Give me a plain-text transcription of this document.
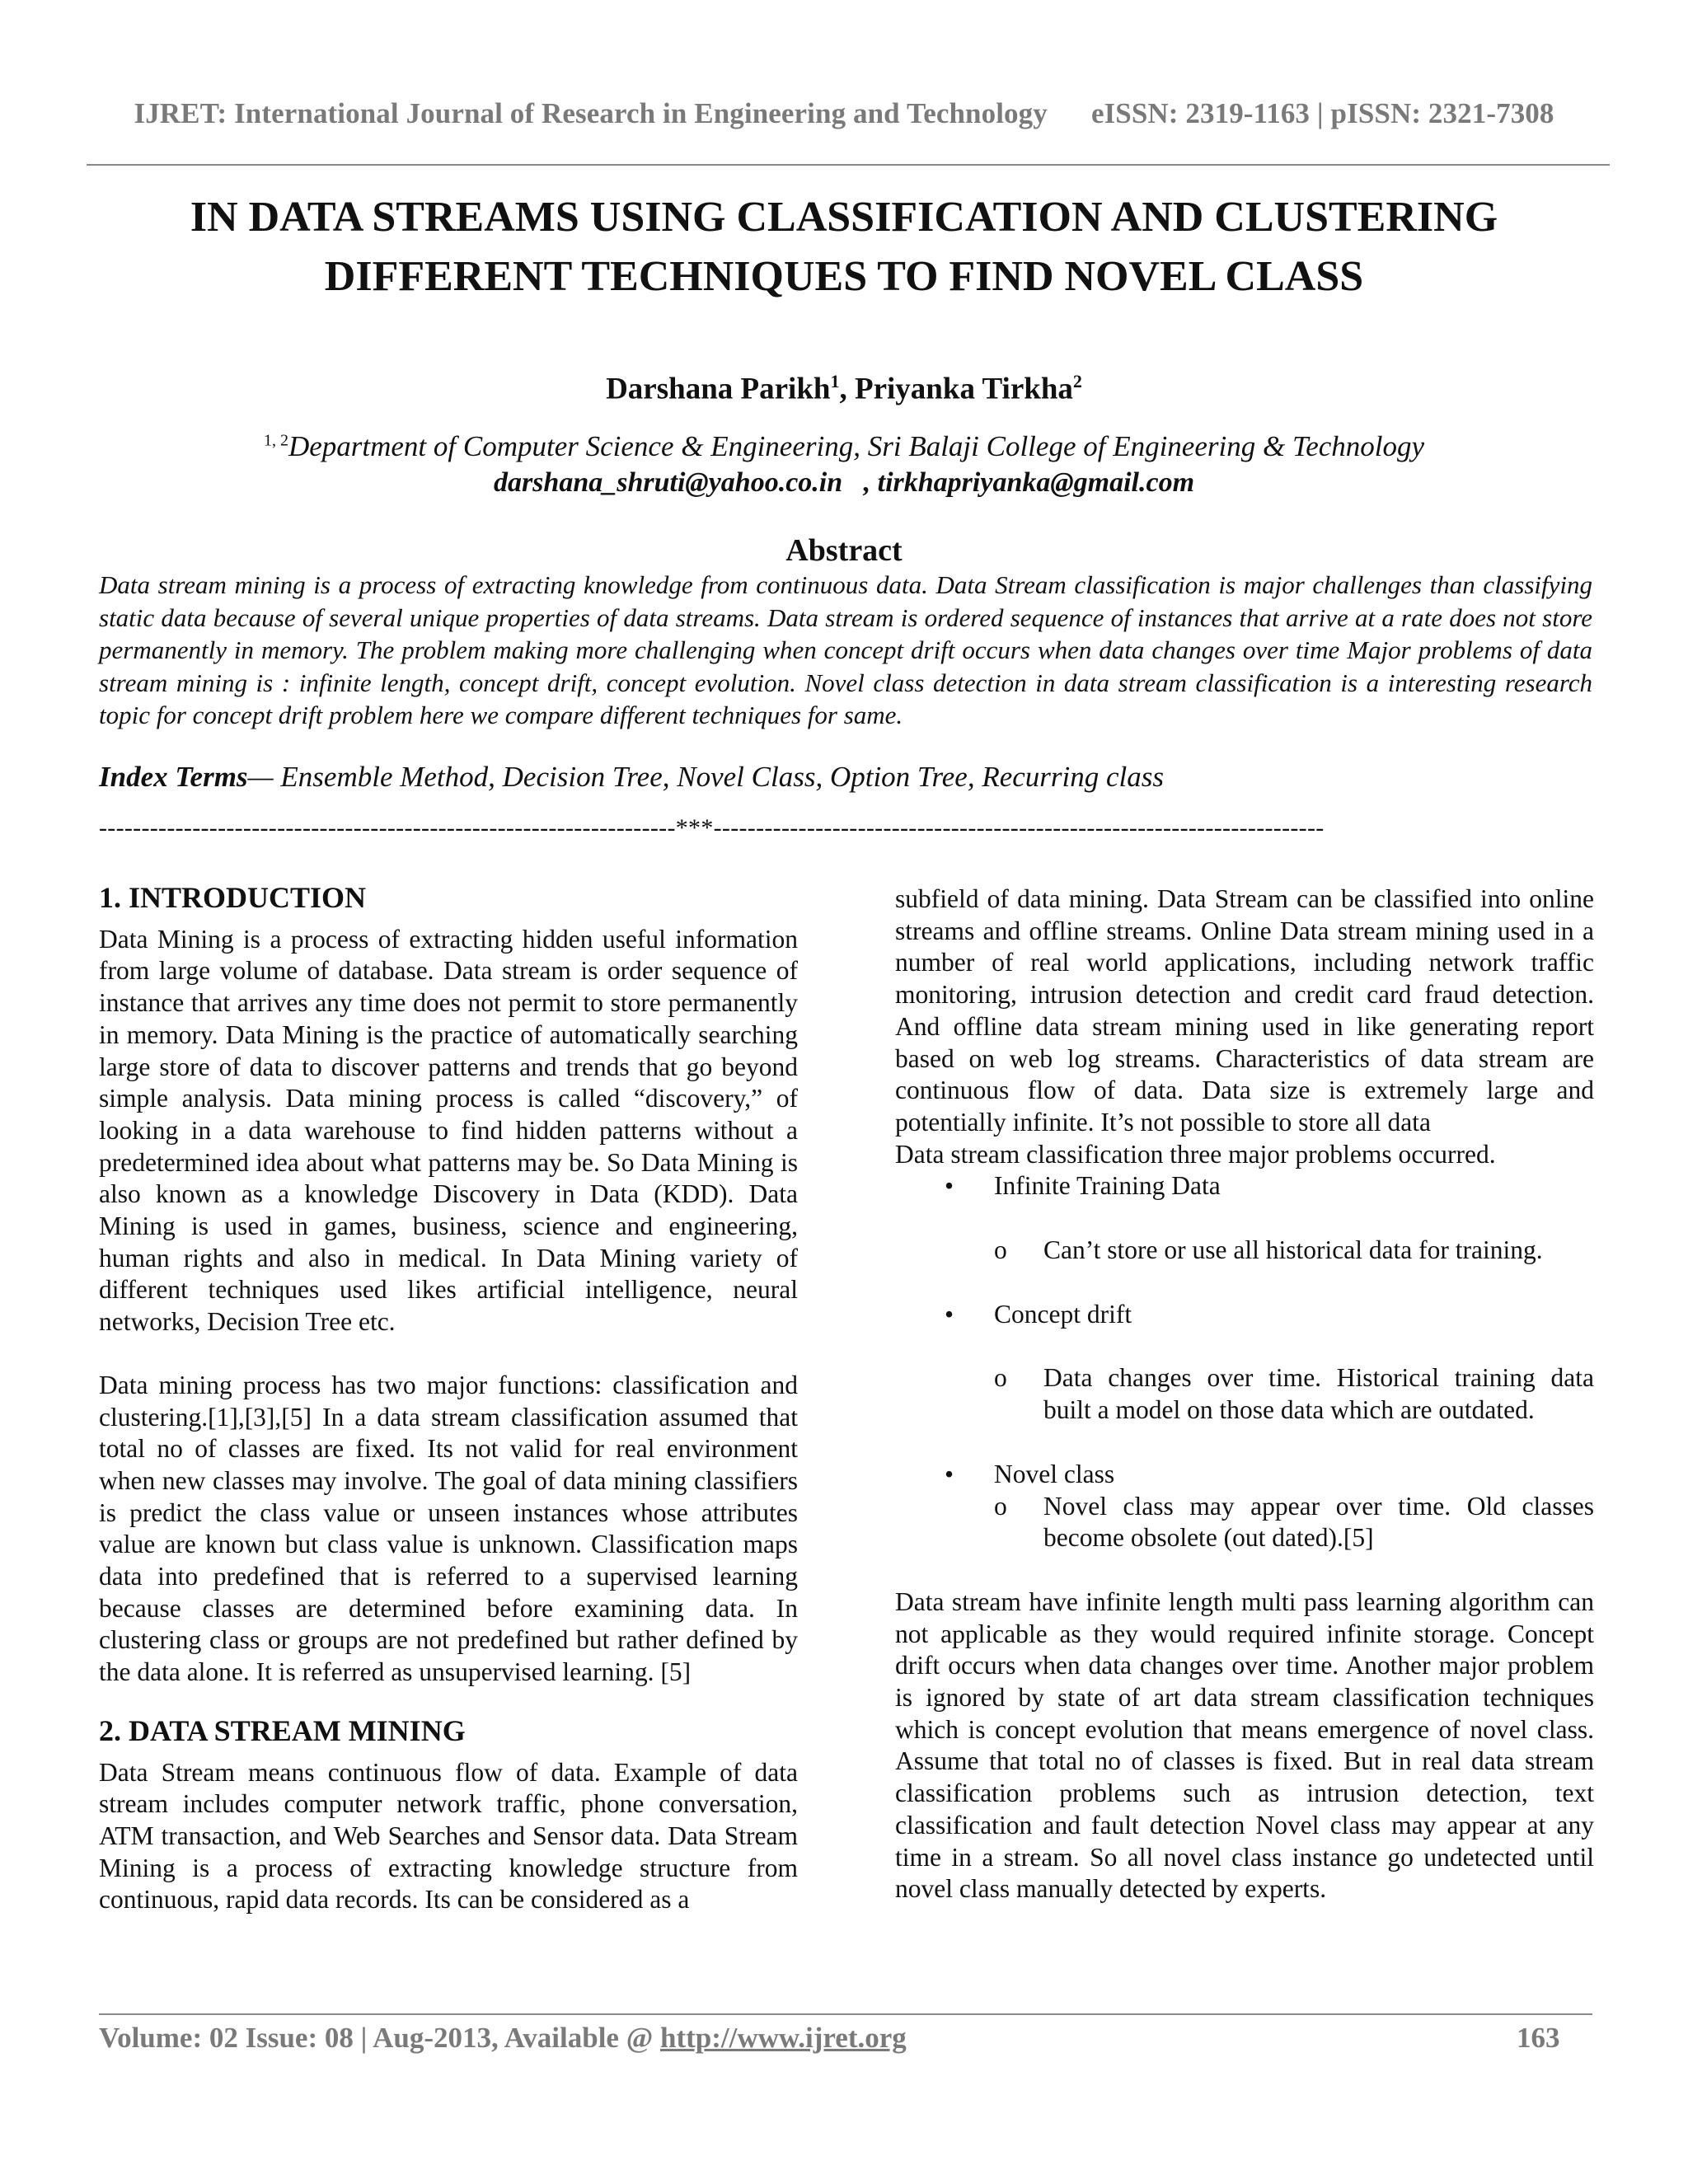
IJRET: International Journal of Research in Engineering and Technology eISSN: 2319-1163 | pISSN: 2321-7308
IN DATA STREAMS USING CLASSIFICATION AND CLUSTERING
DIFFERENT TECHNIQUES TO FIND NOVEL CLASS
Darshana Parikh$^1$, Priyanka Tirkha$^2$
$^{1, 2}$Department of Computer Science & Engineering, Sri Balaji College of Engineering & Technology
darshana_shruti@yahoo.co.in   , tirkhapriyanka@gmail.com
Abstract
Data stream mining is a process of extracting knowledge from continuous data. Data Stream classification is major challenges than classifying static data because of several unique properties of data streams. Data stream is ordered sequence of instances that arrive at a rate does not store permanently in memory. The problem making more challenging when concept drift occurs when data changes over time Major problems of data stream mining is : infinite length, concept drift, concept evolution. Novel class detection in data stream classification is a interesting research topic for concept drift problem here we compare different techniques for same.
Index Terms— Ensemble Method, Decision Tree, Novel Class, Option Tree, Recurring class
--------------------------------------------------------------------***------------------------------------------------------------------------
1. INTRODUCTION

Data Mining is a process of extracting hidden useful information from large volume of database. Data stream is order sequence of instance that arrives any time does not permit to store permanently in memory. Data Mining is the practice of automatically searching large store of data to discover patterns and trends that go beyond simple analysis. Data mining process is called “discovery,” of looking in a data warehouse to find hidden patterns without a predetermined idea about what patterns may be. So Data Mining is also known as a knowledge Discovery in Data (KDD). Data Mining is used in games, business, science and engineering, human rights and also in medical. In Data Mining variety of different techniques used likes artificial intelligence, neural networks, Decision Tree etc.

Data mining process has two major functions: classification and clustering.[1],[3],[5] In a data stream classification assumed that total no of classes are fixed. Its not valid for real environment when new classes may involve. The goal of data mining classifiers is predict the class value or unseen instances whose attributes value are known but class value is unknown. Classification maps data into predefined that is referred to a supervised learning because classes are determined before examining data. In clustering class or groups are not predefined but rather defined by the data alone. It is referred as unsupervised learning. [5]

2. DATA STREAM MINING

Data Stream means continuous flow of data. Example of data stream includes computer network traffic, phone conversation, ATM transaction, and Web Searches and Sensor data. Data Stream Mining is a process of extracting knowledge structure from continuous, rapid data records. Its can be considered as a

subfield of data mining. Data Stream can be classified into online streams and offline streams. Online Data stream mining used in a number of real world applications, including network traffic monitoring, intrusion detection and credit card fraud detection. And offline data stream mining used in like generating report based on web log streams. Characteristics of data stream are continuous flow of data. Data size is extremely large and potentially infinite. It’s not possible to store all data

Data stream classification three major problems occurred.

• Infinite Training Data
o Can’t store or use all historical data for training.
• Concept drift
o Data changes over time. Historical training data built a model on those data which are outdated.
• Novel class
o Novel class may appear over time. Old classes become obsolete (out dated).[5]

Data stream have infinite length multi pass learning algorithm can not applicable as they would required infinite storage. Concept drift occurs when data changes over time. Another major problem is ignored by state of art data stream classification techniques which is concept evolution that means emergence of novel class. Assume that total no of classes is fixed. But in real data stream classification problems such as intrusion detection, text classification and fault detection Novel class may appear at any time in a stream. So all novel class instance go undetected until novel class manually detected by experts.

Volume: 02 Issue: 08 | Aug-2013, Available @ http://www.ijret.org	163
